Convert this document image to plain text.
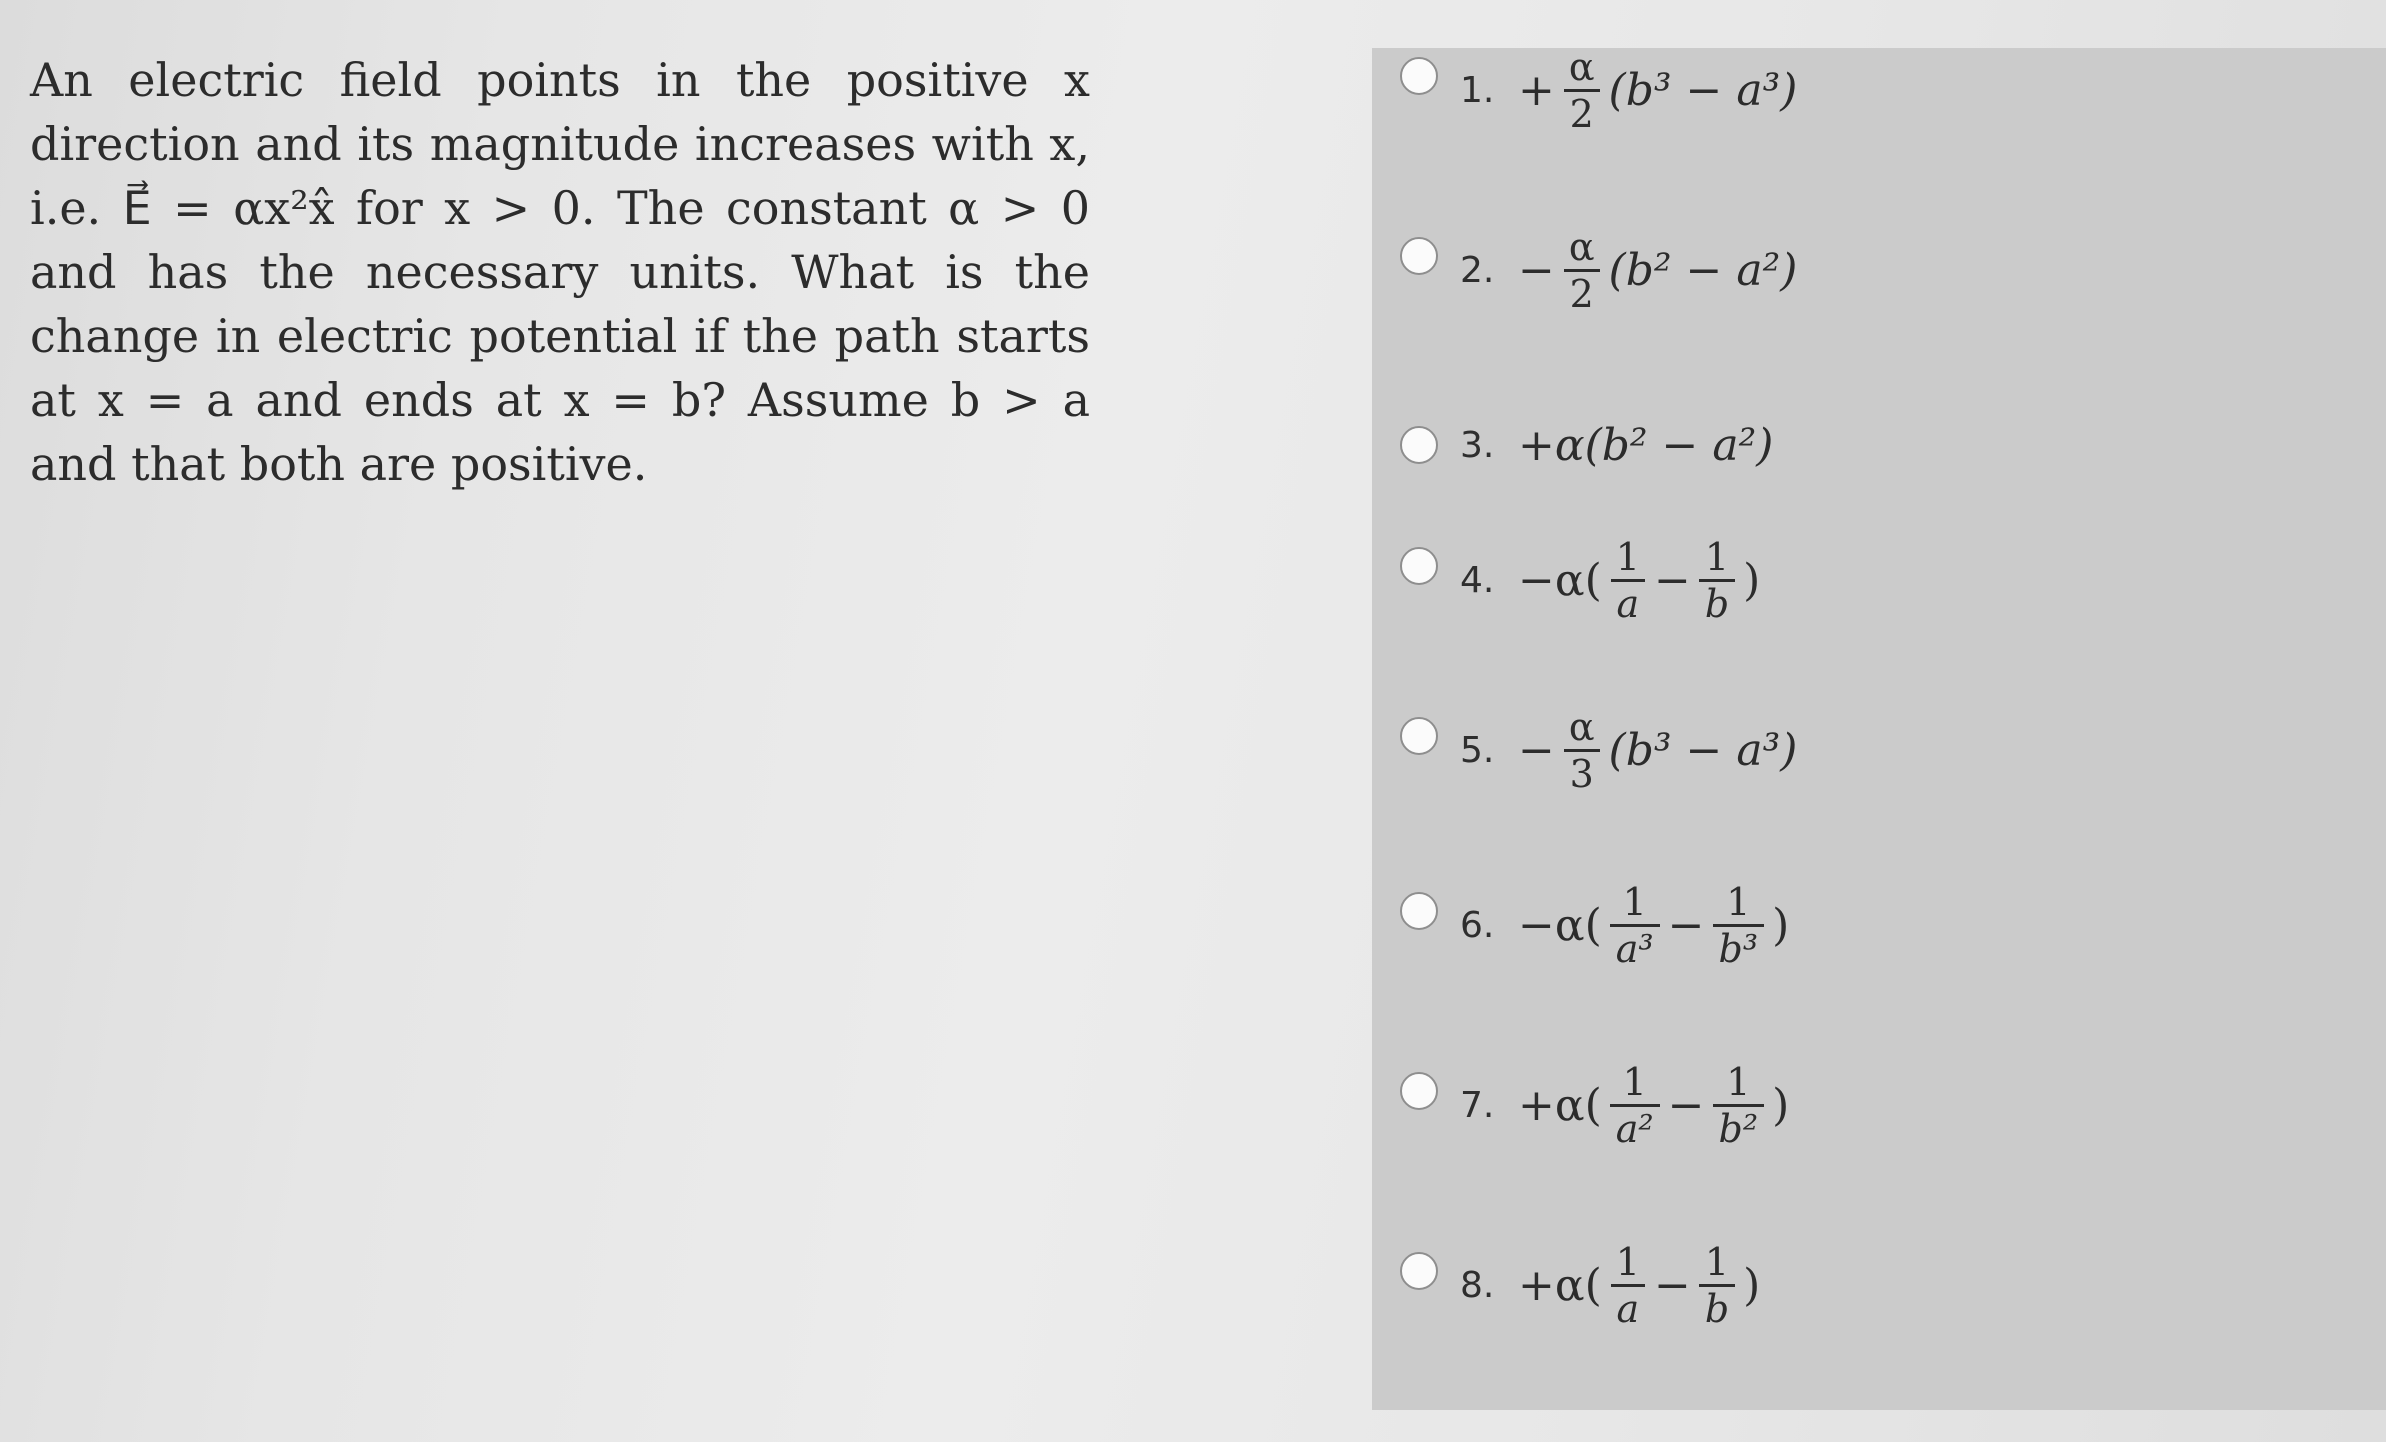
An electric field points in the positive x
direction and its magnitude increases with x,
i.e. E⃗ = αx²x̂ for x > 0. The constant α > 0
and has the necessary units. What is the
change in electric potential if the path starts
at x = a and ends at x = b? Assume b > a
and that both are positive.
1. + $\frac{\alpha}{2} (b^3 - a^3)$
2. − $\frac{\alpha}{2} (b^2 - a^2)$
3. +α(b² − a²)
4. $-\alpha( \frac{1}{a} - \frac{1}{b}$ )
5. − $\frac{\alpha}{3} (b^3 - a^3)$
6. $-\alpha( \frac{1}{\text{a³}} - \frac{1}{\text{b³}}$ )
7. $+\alpha( \frac{1}{\text{a²}} - \frac{1}{\text{b²}}$ )
8. $+\alpha( \frac{1}{a} - \frac{1}{b}$ )
